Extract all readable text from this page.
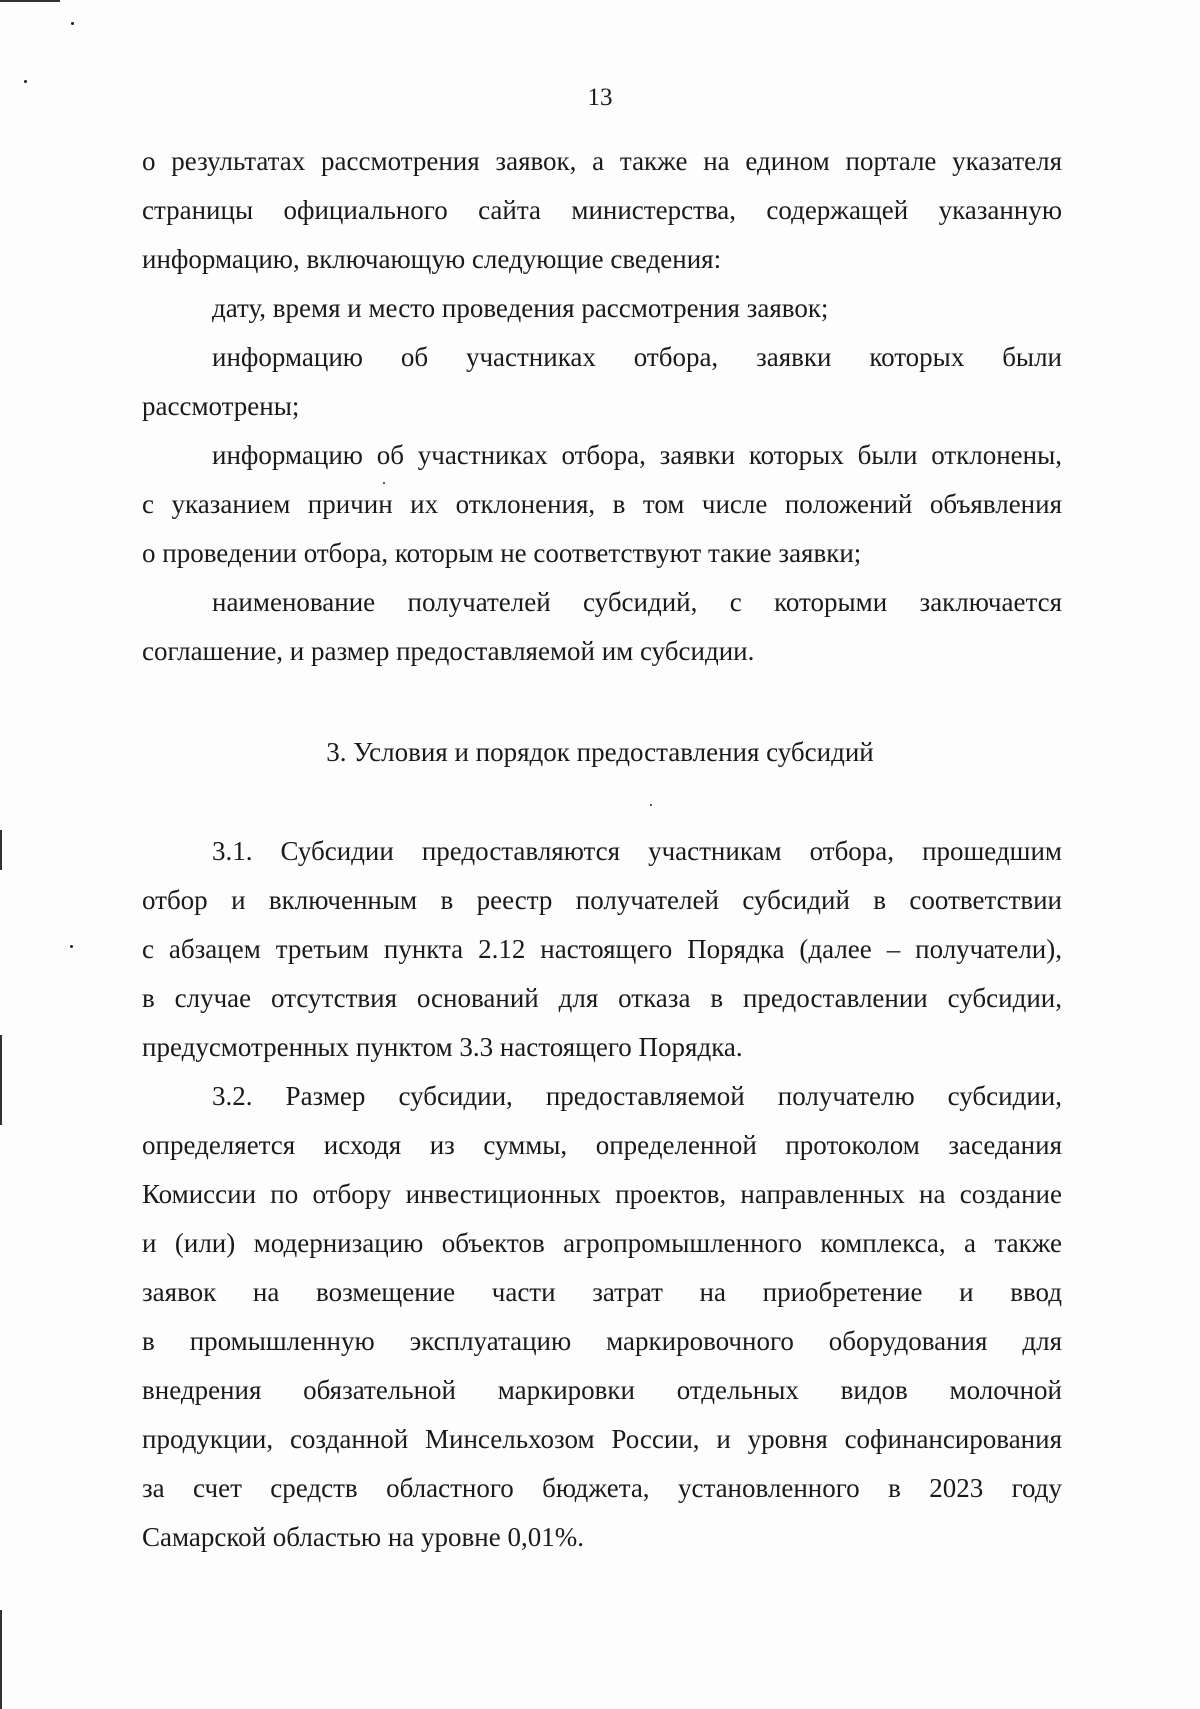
13
о результатах рассмотрения заявок, а также на едином портале указателя
страницы официального сайта министерства, содержащей указанную
информацию, включающую следующие сведения:
дату, время и место проведения рассмотрения заявок;
информацию об участниках отбора, заявки которых были
рассмотрены;
информацию об участниках отбора, заявки которых были отклонены,
с указанием причин их отклонения, в том числе положений объявления
о проведении отбора, которым не соответствуют такие заявки;
наименование получателей субсидий, с которыми заключается
соглашение, и размер предоставляемой им субсидии.
3. Условия и порядок предоставления субсидий
3.1. Субсидии предоставляются участникам отбора, прошедшим
отбор и включенным в реестр получателей субсидий в соответствии
с абзацем третьим пункта 2.12 настоящего Порядка (далее – получатели),
в случае отсутствия оснований для отказа в предоставлении субсидии,
предусмотренных пунктом 3.3 настоящего Порядка.
3.2. Размер субсидии, предоставляемой получателю субсидии,
определяется исходя из суммы, определенной протоколом заседания
Комиссии по отбору инвестиционных проектов, направленных на создание
и (или) модернизацию объектов агропромышленного комплекса, а также
заявок на возмещение части затрат на приобретение и ввод
в промышленную эксплуатацию маркировочного оборудования для
внедрения обязательной маркировки отдельных видов молочной
продукции, созданной Минсельхозом России, и уровня софинансирования
за счет средств областного бюджета, установленного в 2023 году
Самарской областью на уровне 0,01%.
